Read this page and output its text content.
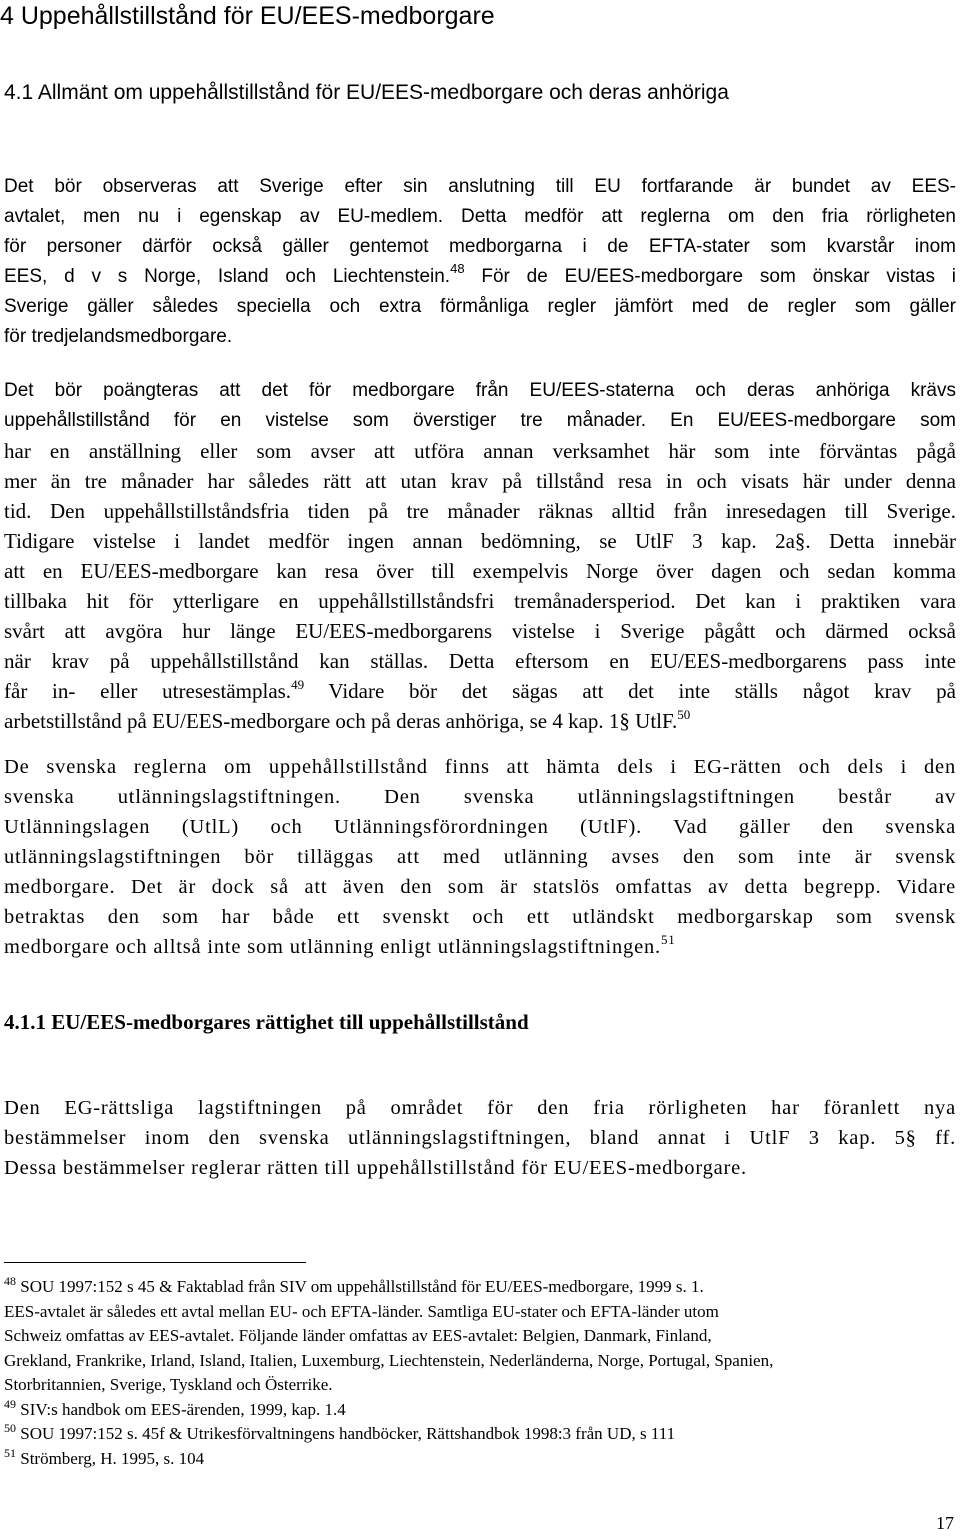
4 Uppehållstillstånd för EU/EES-medborgare
4.1 Allmänt om uppehållstillstånd för EU/EES-medborgare och deras anhöriga
Det bör observeras att Sverige efter sin anslutning till EU fortfarande är bundet av EES-
avtalet, men nu i egenskap av EU-medlem. Detta medför att reglerna om den fria rörligheten
för personer därför också gäller gentemot medborgarna i de EFTA-stater som kvarstår inom
EES, d v s Norge, Island och Liechtenstein.$^{48}$ För de EU/EES-medborgare som önskar vistas i
Sverige gäller således speciella och extra förmånliga regler jämfört med de regler som gäller
för tredjelandsmedborgare.
Det bör poängteras att det för medborgare från EU/EES-staterna och deras anhöriga krävs
uppehållstillstånd för en vistelse som överstiger tre månader. En EU/EES-medborgare som
har en anställning eller som avser att utföra annan verksamhet här som inte förväntas pågå
mer än tre månader har således rätt att utan krav på tillstånd resa in och visats här under denna
tid. Den uppehållstillståndsfria tiden på tre månader räknas alltid från inresedagen till Sverige.
Tidigare vistelse i landet medför ingen annan bedömning, se UtlF 3 kap. 2a§. Detta innebär
att en EU/EES-medborgare kan resa över till exempelvis Norge över dagen och sedan komma
tillbaka hit för ytterligare en uppehållstillståndsfri tremånadersperiod. Det kan i praktiken vara
svårt att avgöra hur länge EU/EES-medborgarens vistelse i Sverige pågått och därmed också
när krav på uppehållstillstånd kan ställas. Detta eftersom en EU/EES-medborgarens pass inte
får in- eller utresestämplas.$^{49}$ Vidare bör det sägas att det inte ställs något krav på
arbetstillstånd på EU/EES-medborgare och på deras anhöriga, se 4 kap. 1§ UtlF.$^{50}$
De svenska reglerna om uppehållstillstånd finns att hämta dels i EG-rätten och dels i den
svenska utlänningslagstiftningen. Den svenska utlänningslagstiftningen består av
Utlänningslagen (UtlL) och Utlänningsförordningen (UtlF). Vad gäller den svenska
utlänningslagstiftningen bör tilläggas att med utlänning avses den som inte är svensk
medborgare. Det är dock så att även den som är statslös omfattas av detta begrepp. Vidare
betraktas den som har både ett svenskt och ett utländskt medborgarskap som svensk
medborgare och alltså inte som utlänning enligt utlänningslagstiftningen.$^{51}$
4.1.1 EU/EES-medborgares rättighet till uppehållstillstånd
Den EG-rättsliga lagstiftningen på området för den fria rörligheten har föranlett nya
bestämmelser inom den svenska utlänningslagstiftningen, bland annat i UtlF 3 kap. 5§ ff.
Dessa bestämmelser reglerar rätten till uppehållstillstånd för EU/EES-medborgare.
$^{48}$ SOU 1997:152 s 45 & Faktablad från SIV om uppehållstillstånd för EU/EES-medborgare, 1999 s. 1.
EES-avtalet är således ett avtal mellan EU- och EFTA-länder. Samtliga EU-stater och EFTA-länder utom
Schweiz omfattas av EES-avtalet. Följande länder omfattas av EES-avtalet: Belgien, Danmark, Finland,
Grekland, Frankrike, Irland, Island, Italien, Luxemburg, Liechtenstein, Nederländerna, Norge, Portugal, Spanien,
Storbritannien, Sverige, Tyskland och Österrike.
$^{49}$ SIV:s handbok om EES-ärenden, 1999, kap. 1.4
$^{50}$ SOU 1997:152 s. 45f & Utrikesförvaltningens handböcker, Rättshandbok 1998:3 från UD, s 111
$^{51}$ Strömberg, H. 1995, s. 104
17
